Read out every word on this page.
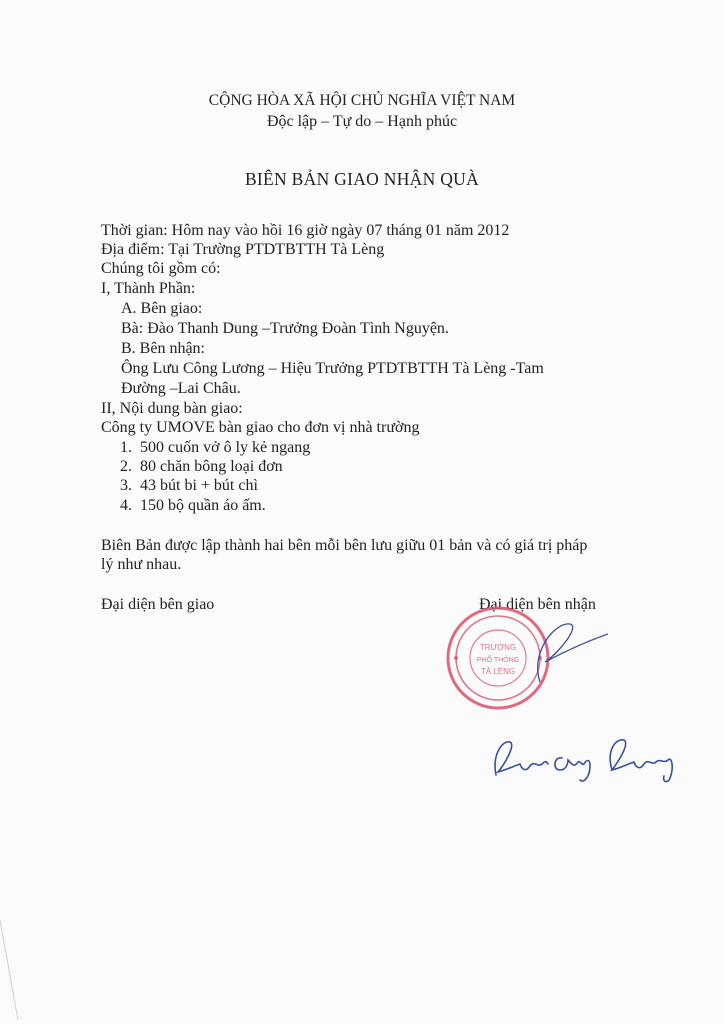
CỘNG HÒA XÃ HỘI CHỦ NGHĨA VIỆT NAM
Độc lập – Tự do – Hạnh phúc
BIÊN BẢN GIAO NHẬN QUÀ
Thời gian: Hôm nay vào hồi 16 giờ ngày 07 tháng 01 năm 2012
Địa điểm: Tại Trường PTDTBTTH Tà Lèng
Chúng tôi gồm có:
I, Thành Phần:
A. Bên giao:
Bà: Đào Thanh Dung –Trưởng Đoàn Tình Nguyện.
B. Bên nhận:
Ông Lưu Công Lương – Hiệu Trưởng PTDTBTTH Tà Lèng -Tam
Đường –Lai Châu.
II, Nội dung bàn giao:
Công ty UMOVE bàn giao cho đơn vị nhà trường
1. 500 cuốn vở ô ly kẻ ngang
2. 80 chăn bông loại đơn
3. 43 bút bi + bút chì
4. 150 bộ quần áo ấm.
Biên Bản được lập thành hai bên mỗi bên lưu giữu 01 bản và có giá trị pháp
lý như nhau.
Đại diện bên giao	Đại diện bên nhận
TRƯỜNG
PHỔ THÔNG
TÀ LÈNG
